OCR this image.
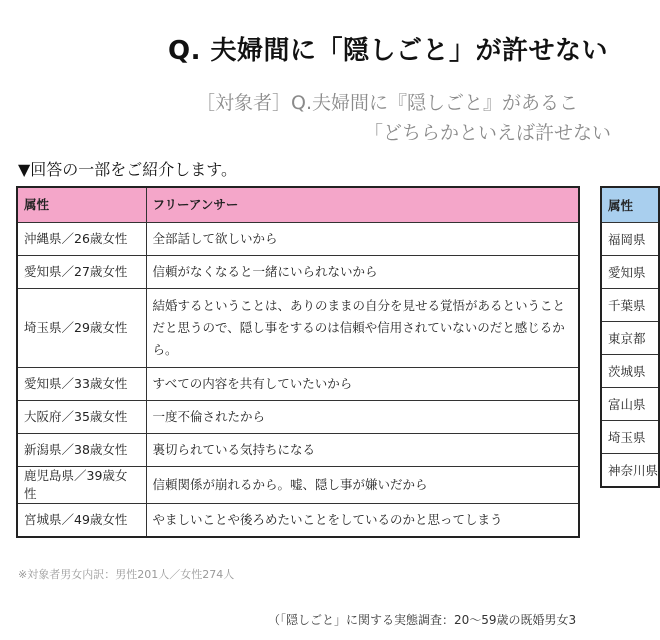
Q. 夫婦間に「隠しごと」が許せない
［対象者］Q.夫婦間に『隠しごと』があるこ
「どちらかといえば許せない
▼回答の一部をご紹介します。
属性	フリーアンサー
沖縄県／26歳女性	全部話して欲しいから
愛知県／27歳女性	信頼がなくなると一緒にいられないから
埼玉県／29歳女性	結婚するということは、ありのままの自分を見せる覚悟があるということだと思うので、隠し事をするのは信頼や信用されていないのだと感じるから。
愛知県／33歳女性	すべての内容を共有していたいから
大阪府／35歳女性	一度不倫されたから
新潟県／38歳女性	裏切られている気持ちになる
鹿児島県／39歳女性	信頼関係が崩れるから。嘘、隠し事が嫌いだから
宮城県／49歳女性	やましいことや後ろめたいことをしているのかと思ってしまう
属性
福岡県
愛知県
千葉県
東京都
茨城県
富山県
埼玉県
神奈川県
※対象者男女内訳：男性201人／女性274人
（「隠しごと」に関する実態調査：20〜59歳の既婚男女3
